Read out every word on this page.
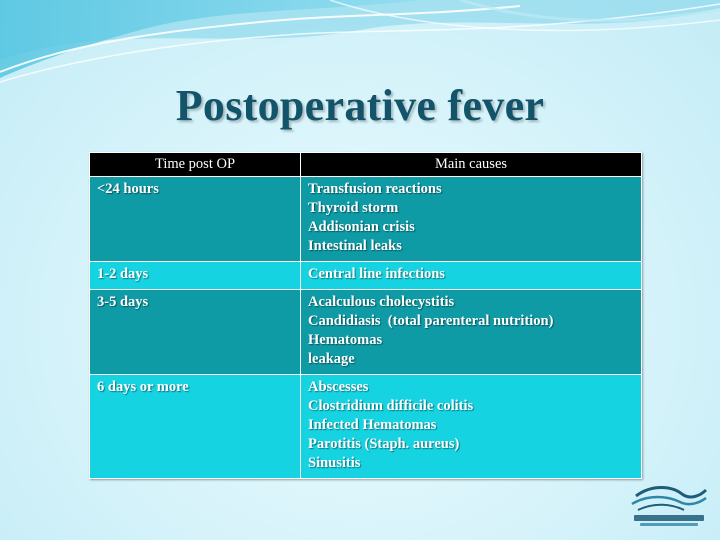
Postoperative fever
Time post OP	Main causes
<24 hours	Transfusion reactions
Thyroid storm
Addisonian crisis
Intestinal leaks

1-2 days	Central line infections

3-5 days	Acalculous cholecystitis
Candidiasis  (total parenteral nutrition)
Hematomas
leakage

6 days or more	Abscesses
Clostridium difficile colitis
Infected Hematomas
Parotitis (Staph. aureus)
Sinusitis
